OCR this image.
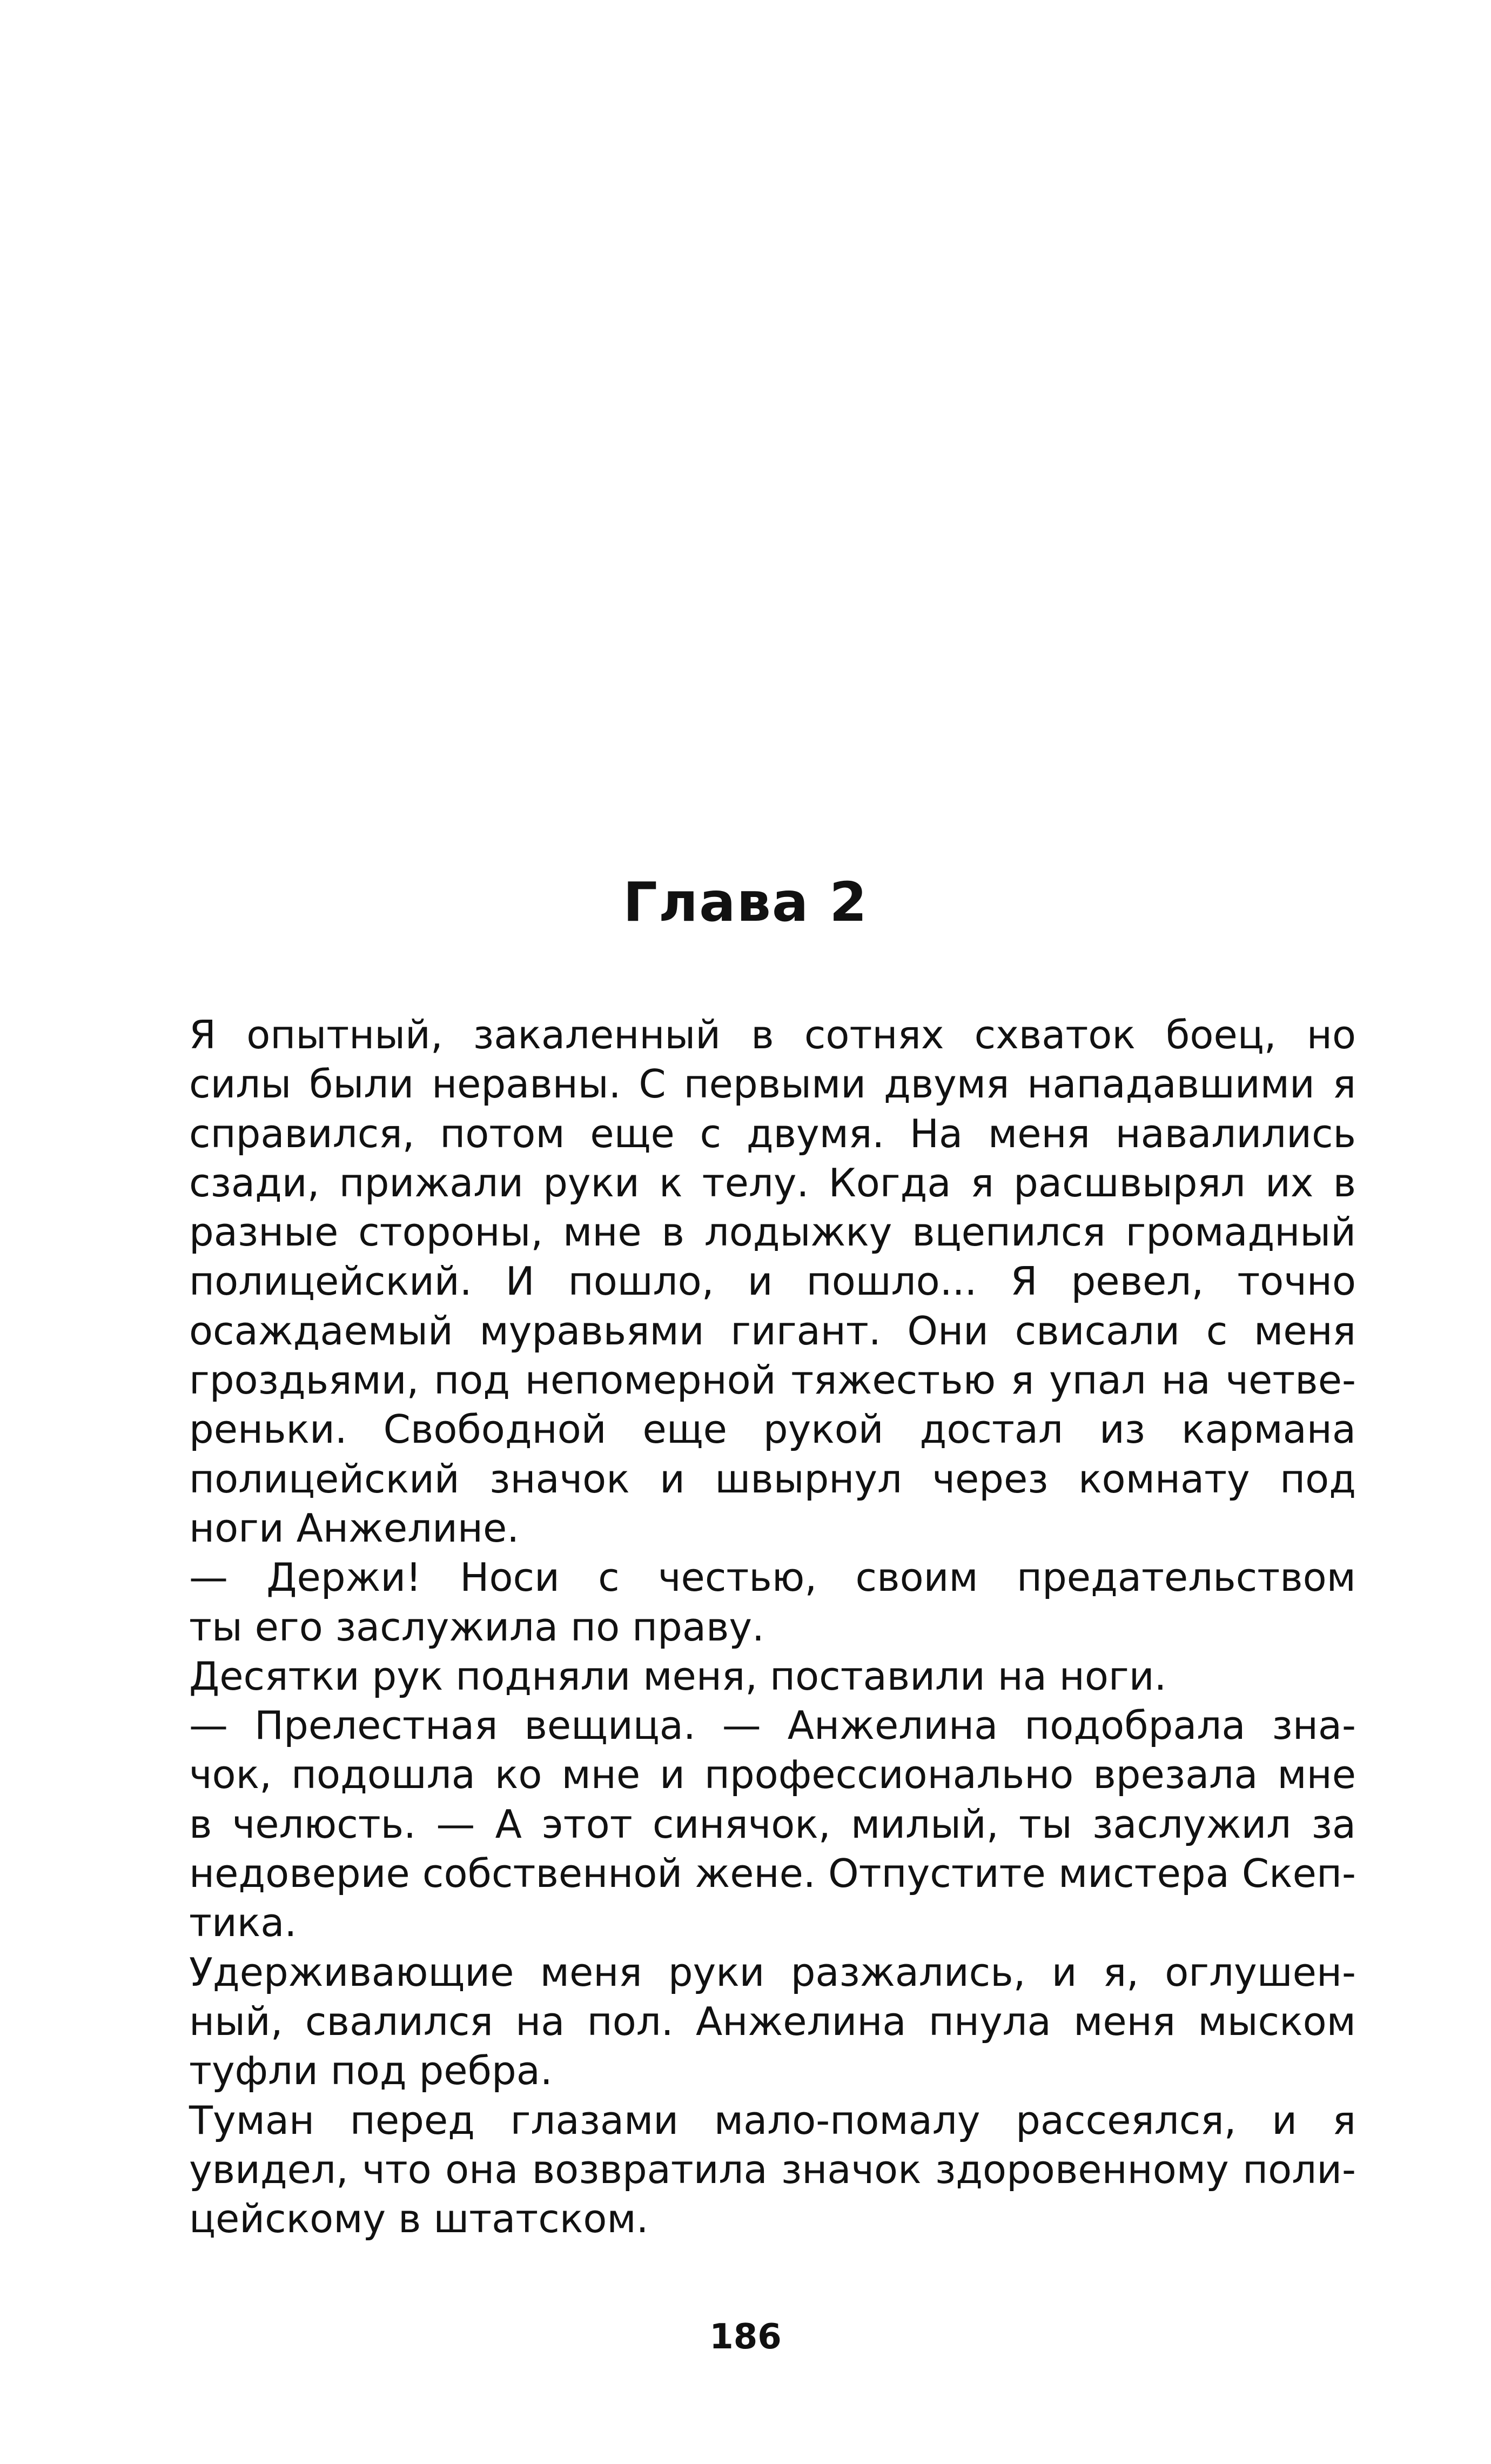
Глава 2
Я опытный, закаленный в сотнях схваток боец, но
силы были неравны. С первыми двумя нападавшими я
справился, потом еще с двумя. На меня навалились
сзади, прижали руки к телу. Когда я расшвырял их в
разные стороны, мне в лодыжку вцепился громадный
полицейский. И пошло, и пошло... Я ревел, точно
осаждаемый муравьями гигант. Они свисали с меня
гроздьями, под непомерной тяжестью я упал на четве-
реньки. Свободной еще рукой достал из кармана
полицейский значок и швырнул через комнату под
ноги Анжелине.
— Держи! Носи с честью, своим предательством
ты его заслужила по праву.
Десятки рук подняли меня, поставили на ноги.
— Прелестная вещица. — Анжелина подобрала зна-
чок, подошла ко мне и профессионально врезала мне
в челюсть. — А этот синячок, милый, ты заслужил за
недоверие собственной жене. Отпустите мистера Скеп-
тика.
Удерживающие меня руки разжались, и я, оглушен-
ный, свалился на пол. Анжелина пнула меня мыском
туфли под ребра.
Туман перед глазами мало-помалу рассеялся, и я
увидел, что она возвратила значок здоровенному поли-
цейскому в штатском.
186
